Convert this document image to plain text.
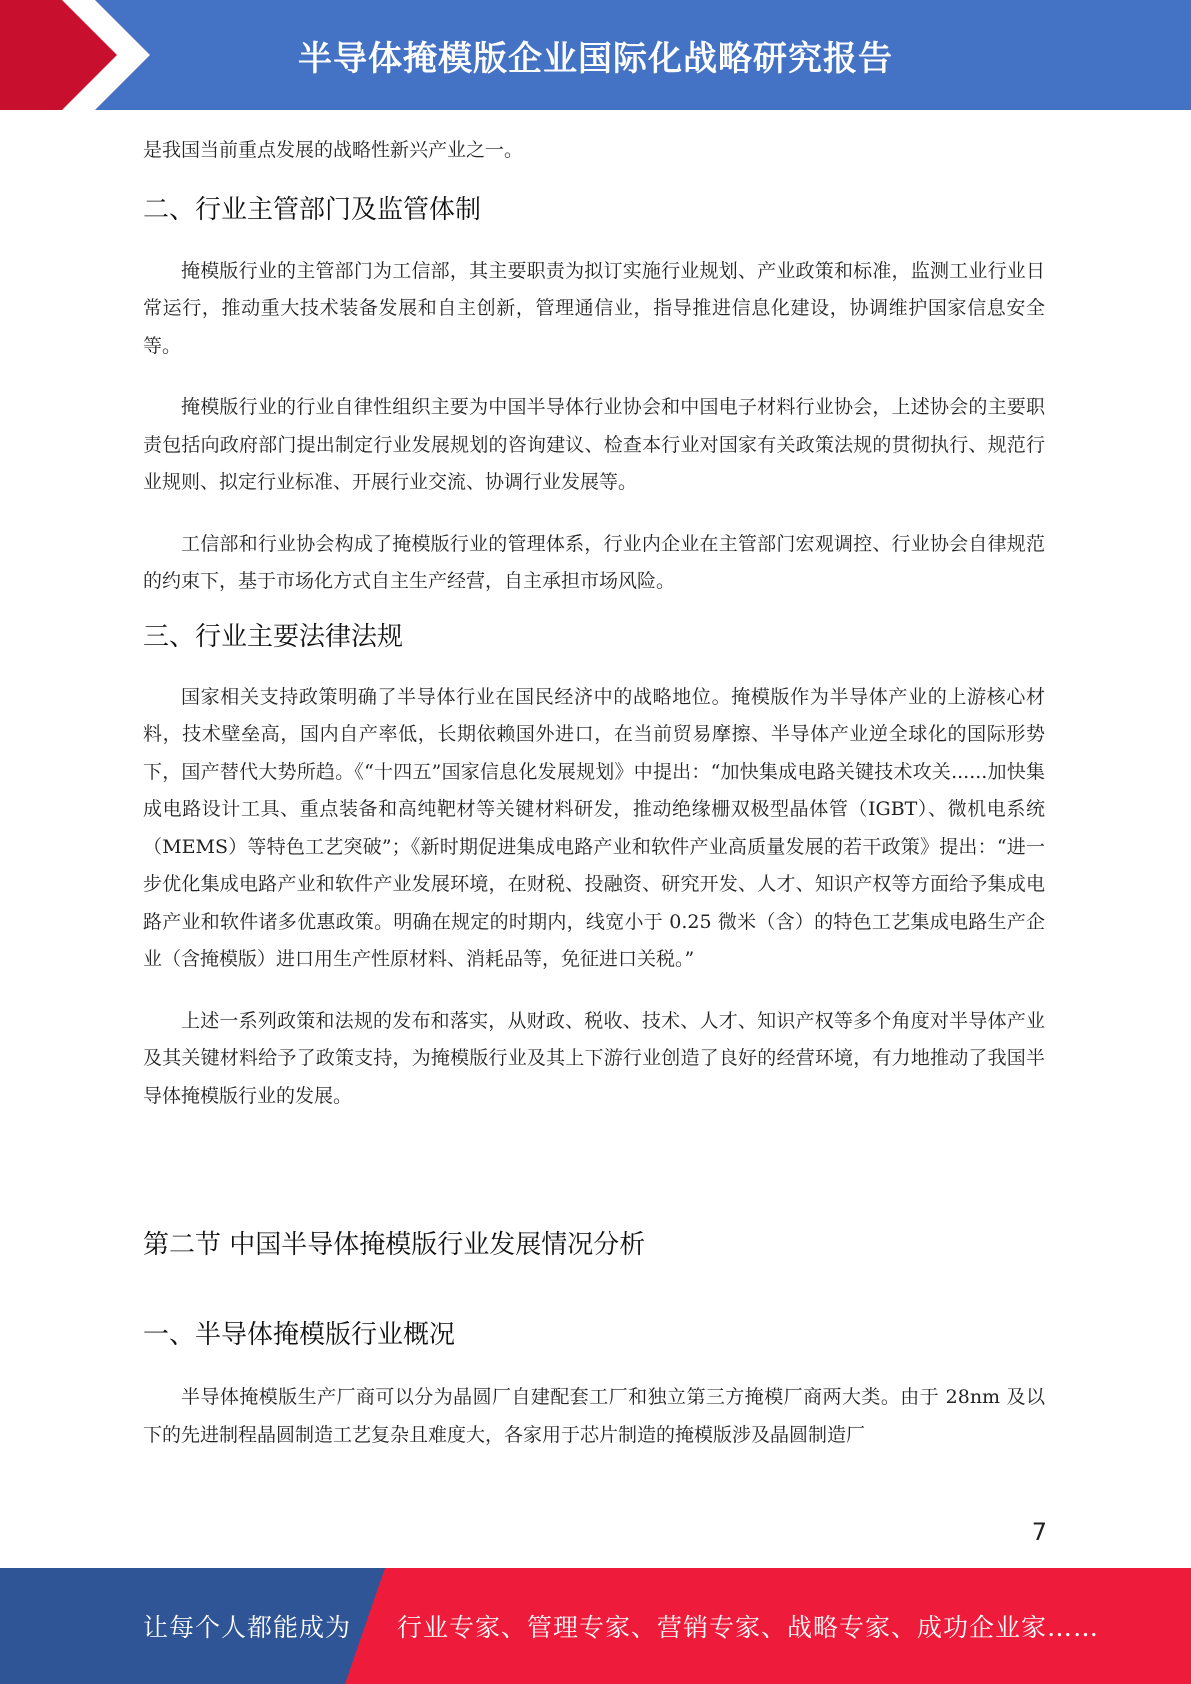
半导体掩模版企业国际化战略研究报告

是我国当前重点发展的战略性新兴产业之一。

二、行业主管部门及监管体制

掩模版行业的主管部门为工信部，其主要职责为拟订实施行业规划、产业政策和标准，监测工业行业日常运行，推动重大技术装备发展和自主创新，管理通信业，指导推进信息化建设，协调维护国家信息安全等。

掩模版行业的行业自律性组织主要为中国半导体行业协会和中国电子材料行业协会，上述协会的主要职责包括向政府部门提出制定行业发展规划的咨询建议、检查本行业对国家有关政策法规的贯彻执行、规范行业规则、拟定行业标准、开展行业交流、协调行业发展等。

工信部和行业协会构成了掩模版行业的管理体系，行业内企业在主管部门宏观调控、行业协会自律规范的约束下，基于市场化方式自主生产经营，自主承担市场风险。

三、行业主要法律法规

国家相关支持政策明确了半导体行业在国民经济中的战略地位。掩模版作为半导体产业的上游核心材料，技术壁垒高，国内自产率低，长期依赖国外进口，在当前贸易摩擦、半导体产业逆全球化的国际形势下，国产替代大势所趋。《“十四五”国家信息化发展规划》中提出：“加快集成电路关键技术攻关......加快集成电路设计工具、重点装备和高纯靶材等关键材料研发，推动绝缘栅双极型晶体管（IGBT）、微机电系统（MEMS）等特色工艺突破”；《新时期促进集成电路产业和软件产业高质量发展的若干政策》提出：“进一步优化集成电路产业和软件产业发展环境，在财税、投融资、研究开发、人才、知识产权等方面给予集成电路产业和软件诸多优惠政策。明确在规定的时期内，线宽小于 0.25 微米（含）的特色工艺集成电路生产企业（含掩模版）进口用生产性原材料、消耗品等，免征进口关税。”

上述一系列政策和法规的发布和落实，从财政、税收、技术、人才、知识产权等多个角度对半导体产业及其关键材料给予了政策支持，为掩模版行业及其上下游行业创造了良好的经营环境，有力地推动了我国半导体掩模版行业的发展。

第二节 中国半导体掩模版行业发展情况分析
一、半导体掩模版行业概况

半导体掩模版生产厂商可以分为晶圆厂自建配套工厂和独立第三方掩模厂商两大类。由于 28nm 及以下的先进制程晶圆制造工艺复杂且难度大，各家用于芯片制造的掩模版涉及晶圆制造厂

7
让每个人都能成为 行业专家、管理专家、营销专家、战略专家、成功企业家……
